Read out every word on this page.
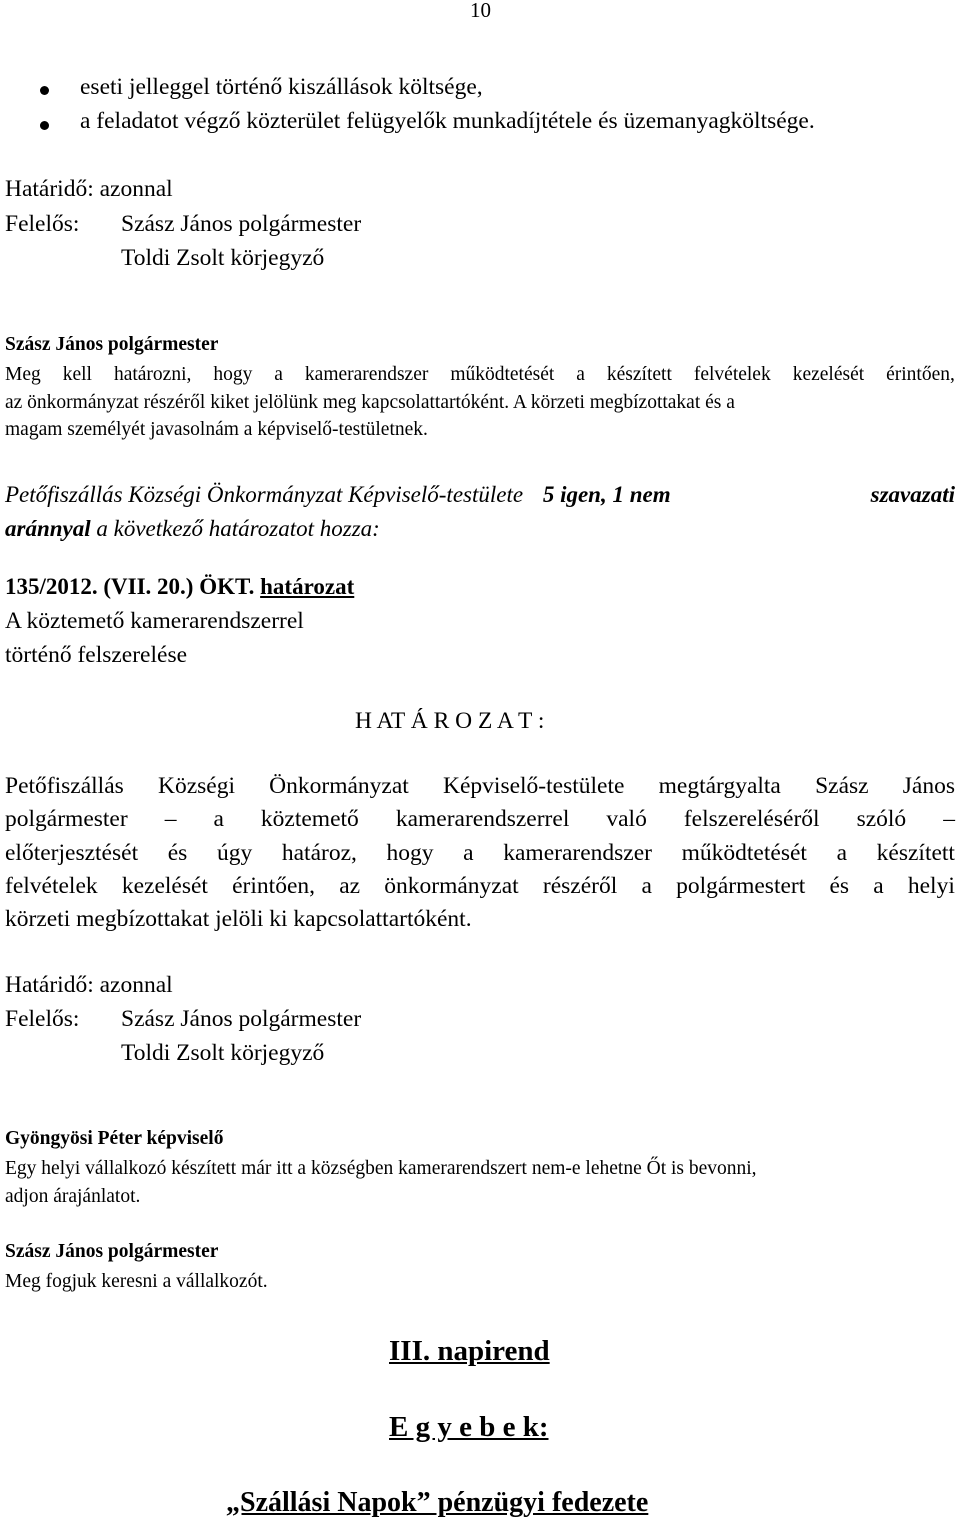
10
eseti jelleggel történő kiszállások költsége,
a feladatot végző közterület felügyelők munkadíjtétele és üzemanyagköltsége.
Határidő: azonnal
Felelős: Szász János polgármester
Toldi Zsolt körjegyző
Szász János polgármester
Meg kell határozni, hogy a kamerarendszer működtetését a készített felvételek kezelését érintően,
az önkormányzat részéről kiket jelölünk meg kapcsolattartóként. A körzeti megbízottakat és a
magam személyét javasolnám a képviselő-testületnek.
Petőfiszállás Községi Önkormányzat Képviselő-testülete 5 igen, 1 nem	szavazati
aránnyal a következő határozatot hozza:
135/2012. (VII. 20.) ÖKT. határozat
A köztemető kamerarendszerrel
történő felszerelése
H AT Á R O Z A T :
Petőfiszállás Községi Önkormányzat Képviselő-testülete megtárgyalta Szász János
polgármester – a köztemető kamerarendszerrel való felszereléséről szóló –
előterjesztését és úgy határoz, hogy a kamerarendszer működtetését a készített
felvételek kezelését érintően, az önkormányzat részéről a polgármestert és a helyi
körzeti megbízottakat jelöli ki kapcsolattartóként.
Határidő: azonnal
Felelős: Szász János polgármester
Toldi Zsolt körjegyző
Gyöngyösi Péter képviselő
Egy helyi vállalkozó készített már itt a községben kamerarendszert nem-e lehetne Őt is bevonni,
adjon árajánlatot.
Szász János polgármester
Meg fogjuk keresni a vállalkozót.
III. napirend
E g y e b e k:
„Szállási Napok” pénzügyi fedezete
